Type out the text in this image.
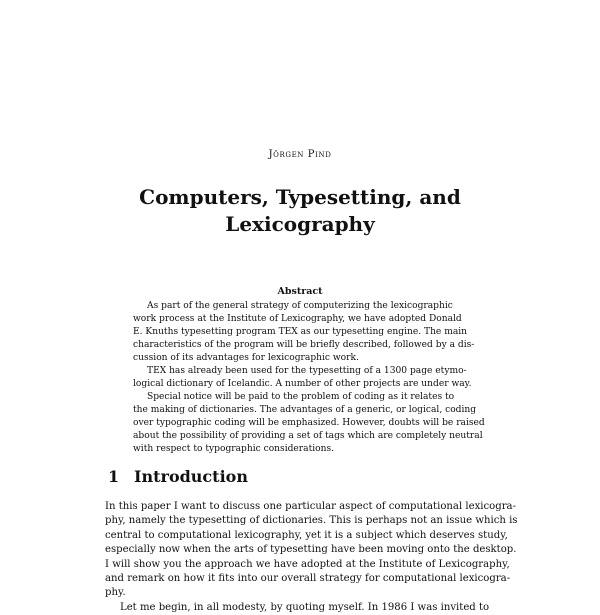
Jörgen Pind
Computers, Typesetting, and
Lexicography
Abstract
As part of the general strategy of computerizing the lexicographic
work process at the Institute of Lexicography, we have adopted Donald
E. Knuths typesetting program TEX as our typesetting engine. The main
characteristics of the program will be briefly described, followed by a dis-
cussion of its advantages for lexicographic work.
TEX has already been used for the typesetting of a 1300 page etymo-
logical dictionary of Icelandic. A number of other projects are under way.
Special notice will be paid to the problem of coding as it relates to
the making of dictionaries. The advantages of a generic, or logical, coding
over typographic coding will be emphasized. However, doubts will be raised
about the possibility of providing a set of tags which are completely neutral
with respect to typographic considerations.
1 Introduction
In this paper I want to discuss one particular aspect of computational lexicogra-
phy, namely the typesetting of dictionaries. This is perhaps not an issue which is
central to computational lexicography, yet it is a subject which deserves study,
especially now when the arts of typesetting have been moving onto the desktop.
I will show you the approach we have adopted at the Institute of Lexicography,
and remark on how it fits into our overall strategy for computational lexicogra-
phy.
Let me begin, in all modesty, by quoting myself. In 1986 I was invited to
